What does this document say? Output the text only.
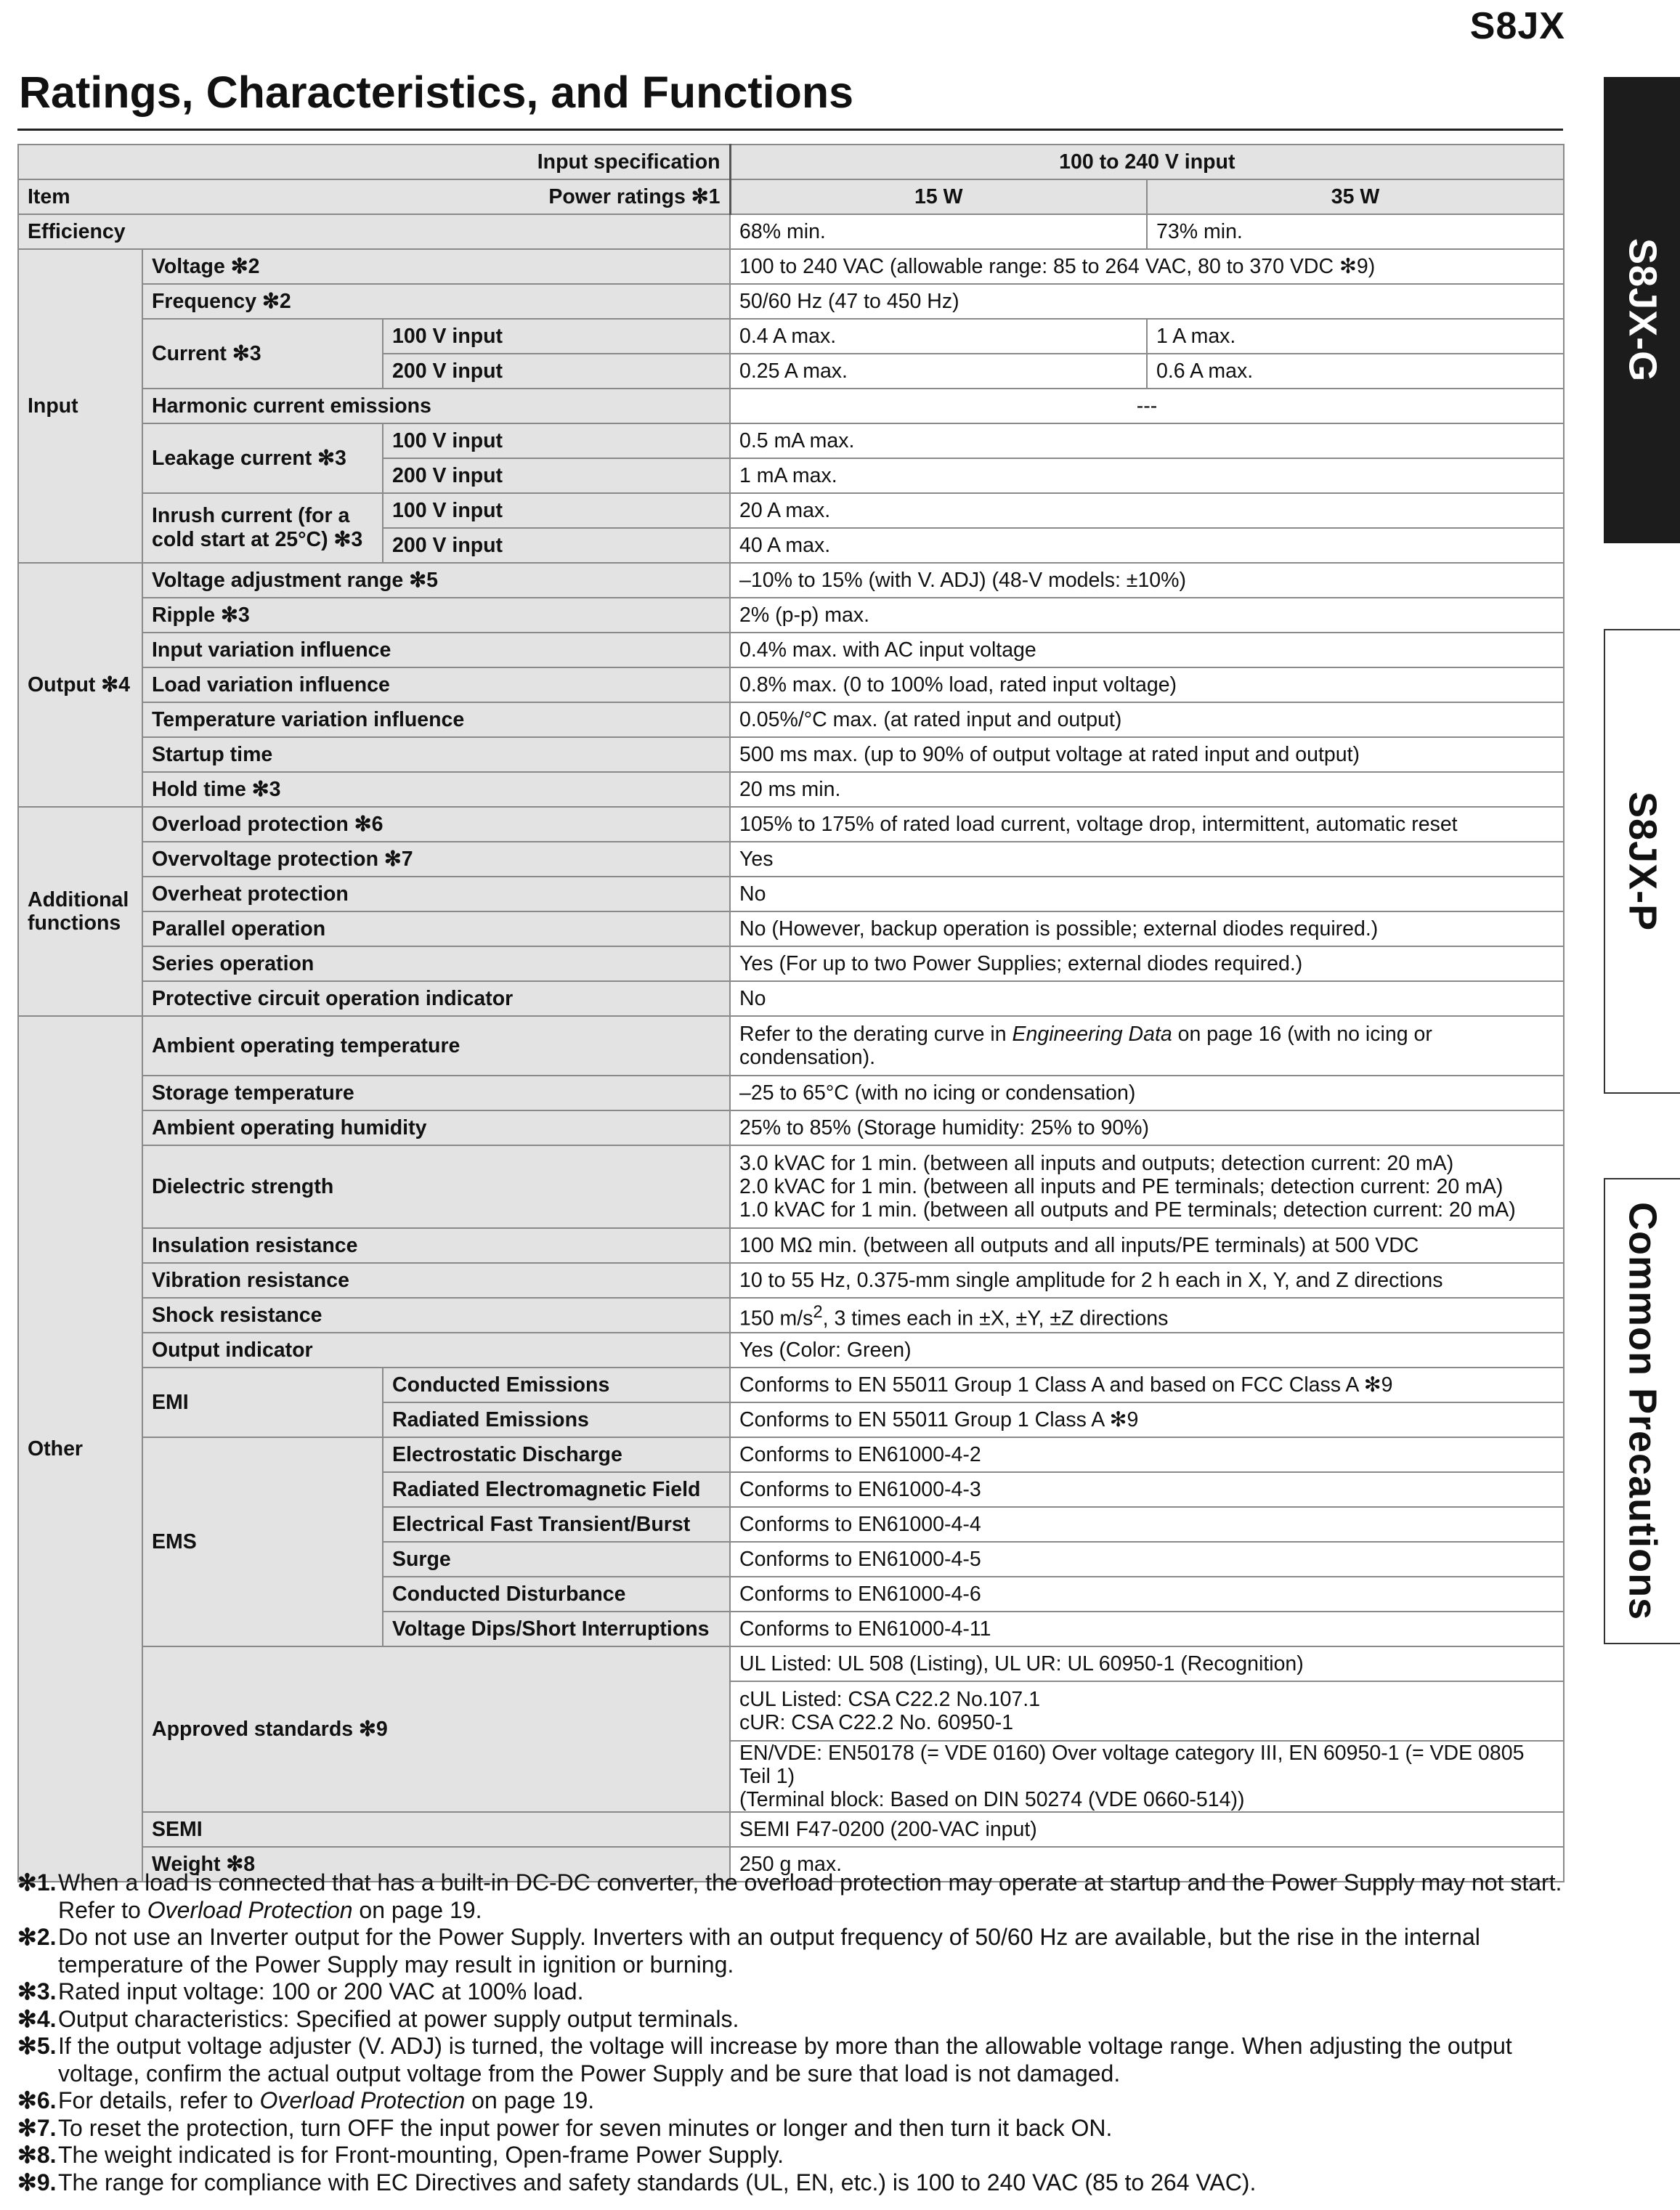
S8JX
Ratings, Characteristics, and Functions
S8JX-G
S8JX-P
Common Precautions
Input specification			100 to 240 V input	
Item	Power ratings ✻1		15 W	35 W
Efficiency			68% min.	73% min.
Input	Voltage ✻2		100 to 240 VAC (allowable range: 85 to 264 VAC, 80 to 370 VDC ✻9)	
	Frequency ✻2		50/60 Hz (47 to 450 Hz)	
	Current ✻3	100 V input	0.4 A max.	1 A max.
		200 V input	0.25 A max.	0.6 A max.
	Harmonic current emissions		---	
	Leakage current ✻3	100 V input	0.5 mA max.	
		200 V input	1 mA max.	
	Inrush current (for a cold start at 25°C) ✻3	100 V input	20 A max.	
		200 V input	40 A max.	
Output ✻4	Voltage adjustment range ✻5		–10% to 15% (with V. ADJ) (48-V models: ±10%)	
	Ripple ✻3		2% (p-p) max.	
	Input variation influence		0.4% max. with AC input voltage	
	Load variation influence		0.8% max. (0 to 100% load, rated input voltage)	
	Temperature variation influence		0.05%/°C max. (at rated input and output)	
	Startup time		500 ms max. (up to 90% of output voltage at rated input and output)	
	Hold time ✻3		20 ms min.	
Additional functions	Overload protection ✻6		105% to 175% of rated load current, voltage drop, intermittent, automatic reset	
	Overvoltage protection ✻7		Yes	
	Overheat protection		No	
	Parallel operation		No (However, backup operation is possible; external diodes required.)	
	Series operation		Yes (For up to two Power Supplies; external diodes required.)	
	Protective circuit operation indicator		No	
Other	Ambient operating temperature		Refer to the derating curve in Engineering Data on page 16 (with no icing or condensation).	
	Storage temperature		–25 to 65°C (with no icing or condensation)	
	Ambient operating humidity		25% to 85% (Storage humidity: 25% to 90%)	
	Dielectric strength		3.0 kVAC for 1 min. (between all inputs and outputs; detection current: 20 mA)
2.0 kVAC for 1 min. (between all inputs and PE terminals; detection current: 20 mA)
1.0 kVAC for 1 min. (between all outputs and PE terminals; detection current: 20 mA)	

	Insulation resistance		100 MΩ min. (between all outputs and all inputs/PE terminals) at 500 VDC	
	Vibration resistance		10 to 55 Hz, 0.375-mm single amplitude for 2 h each in X, Y, and Z directions	
	Shock resistance		150 $m/s^2$, 3 times each in ±X, ±Y, ±Z directions	
	Output indicator		Yes (Color: Green)	
	EMI	Conducted Emissions	Conforms to EN 55011 Group 1 Class A and based on FCC Class A ✻9	
		Radiated Emissions	Conforms to EN 55011 Group 1 Class A ✻9	
	EMS	Electrostatic Discharge	Conforms to EN61000-4-2	
		Radiated Electromagnetic Field	Conforms to EN61000-4-3	
		Electrical Fast Transient/Burst	Conforms to EN61000-4-4	
		Surge	Conforms to EN61000-4-5	
		Conducted Disturbance	Conforms to EN61000-4-6	
		Voltage Dips/Short Interruptions	Conforms to EN61000-4-11	
	Approved standards ✻9		UL Listed: UL 508 (Listing), UL UR: UL 60950-1 (Recognition)	

			cUL Listed: CSA C22.2 No.107.1
cUR: CSA C22.2 No. 60950-1	

			EN/VDE: EN50178 (= VDE 0160) Over voltage category III, EN 60950-1 (= VDE 0805 Teil 1)
(Terminal block: Based on DIN 50274 (VDE 0660-514))	

	SEMI		SEMI F47-0200 (200-VAC input)	
	Weight ✻8		250 g max.	
✻1. When a load is connected that has a built-in DC-DC converter, the overload protection may operate at startup and the Power Supply may not start. Refer to Overload Protection on page 19.
✻2. Do not use an Inverter output for the Power Supply. Inverters with an output frequency of 50/60 Hz are available, but the rise in the internal temperature of the Power Supply may result in ignition or burning.
✻3. Rated input voltage: 100 or 200 VAC at 100% load.
✻4. Output characteristics: Specified at power supply output terminals.
✻5. If the output voltage adjuster (V. ADJ) is turned, the voltage will increase by more than the allowable voltage range. When adjusting the output voltage, confirm the actual output voltage from the Power Supply and be sure that load is not damaged.
✻6. For details, refer to Overload Protection on page 19.
✻7. To reset the protection, turn OFF the input power for seven minutes or longer and then turn it back ON.
✻8. The weight indicated is for Front-mounting, Open-frame Power Supply.
✻9. The range for compliance with EC Directives and safety standards (UL, EN, etc.) is 100 to 240 VAC (85 to 264 VAC).
